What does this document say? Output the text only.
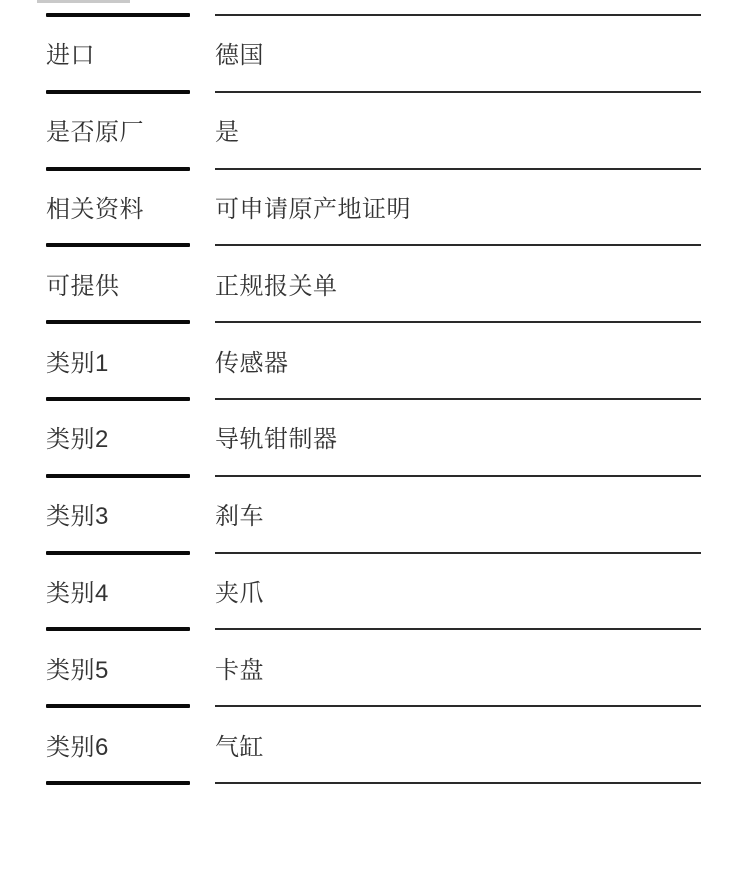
进口	德国
是否原厂	是
相关资料	可申请原产地证明
可提供	正规报关单
类别1	传感器
类别2	导轨钳制器
类别3	刹车
类别4	夹爪
类别5	卡盘
类别6	气缸
